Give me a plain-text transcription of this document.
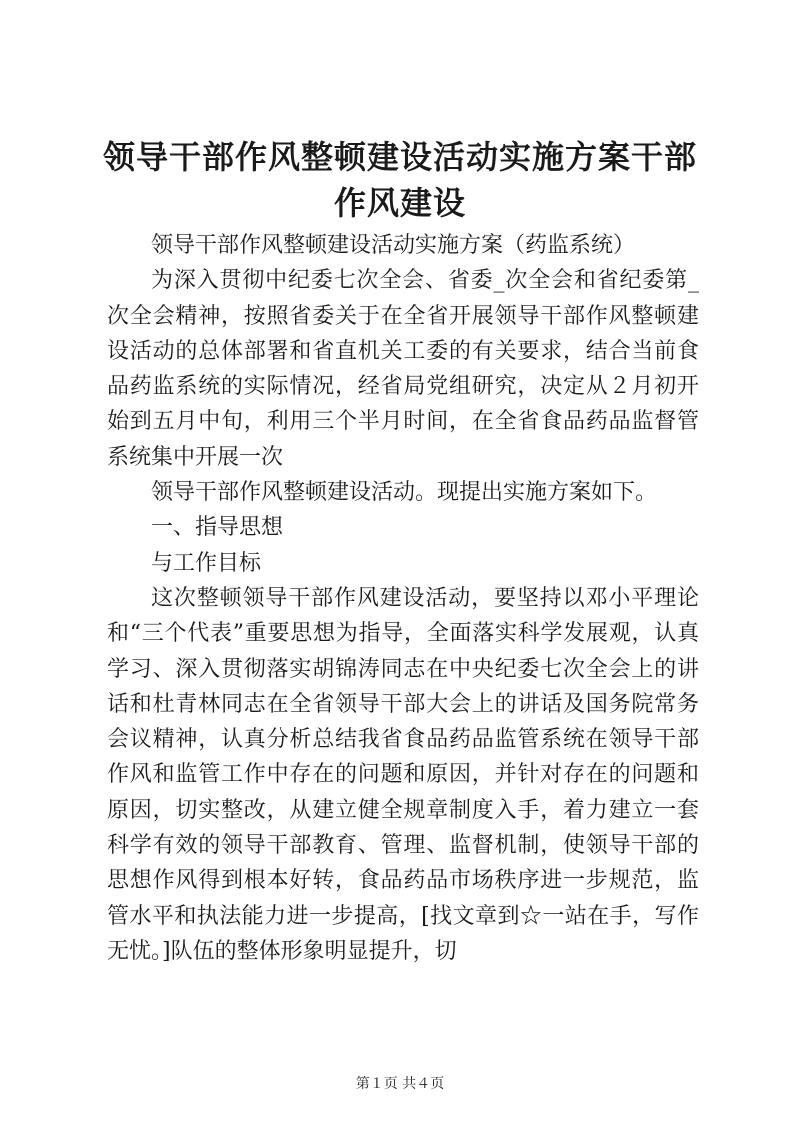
领导干部作风整顿建设活动实施方案干部作风建设

领导干部作风整顿建设活动实施方案（药监系统）

为深入贯彻中纪委七次全会、省委_次全会和省纪委第_次全会精神，按照省委关于在全省开展领导干部作风整顿建设活动的总体部署和省直机关工委的有关要求，结合当前食品药监系统的实际情况，经省局党组研究，决定从２月初开始到五月中旬，利用三个半月时间，在全省食品药品监督管系统集中开展一次

领导干部作风整顿建设活动。现提出实施方案如下。

一、指导思想

与工作目标

这次整顿领导干部作风建设活动，要坚持以邓小平理论和“三个代表”重要思想为指导，全面落实科学发展观，认真学习、深入贯彻落实胡锦涛同志在中央纪委七次全会上的讲话和杜青林同志在全省领导干部大会上的讲话及国务院常务会议精神，认真分析总结我省食品药品监管系统在领导干部作风和监管工作中存在的问题和原因，并针对存在的问题和原因，切实整改，从建立健全规章制度入手，着力建立一套科学有效的领导干部教育、管理、监督机制，使领导干部的思想作风得到根本好转，食品药品市场秩序进一步规范，监管水平和执法能力进一步提高，[找文章到☆一站在手，写作无忧。]队伍的整体形象明显提升，切

第１页 共４页
